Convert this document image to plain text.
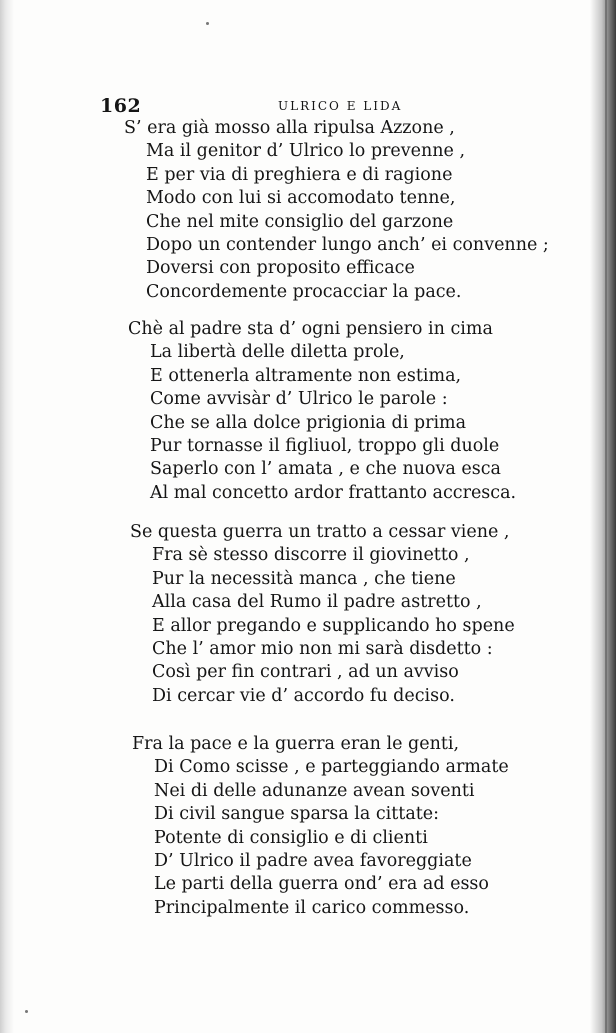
162	ULRICO E LIDA
S’ era già mosso alla ripulsa Azzone ,
Ma il genitor d’ Ulrico lo prevenne ,
E per via di preghiera e di ragione
Modo con lui si accomodato tenne,
Che nel mite consiglio del garzone
Dopo un contender lungo anch’ ei convenne ;
Doversi con proposito efficace
Concordemente procacciar la pace.
Chè al padre sta d’ ogni pensiero in cima
La libertà delle diletta prole,
E ottenerla altramente non estima,
Come avvisàr d’ Ulrico le parole :
Che se alla dolce prigionia di prima
Pur tornasse il figliuol, troppo gli duole
Saperlo con l’ amata , e che nuova esca
Al mal concetto ardor frattanto accresca.
Se questa guerra un tratto a cessar viene ,
Fra sè stesso discorre il giovinetto ,
Pur la necessità manca , che tiene
Alla casa del Rumo il padre astretto ,
E allor pregando e supplicando ho spene
Che l’ amor mio non mi sarà disdetto :
Così per fin contrari , ad un avviso
Di cercar vie d’ accordo fu deciso.
Fra la pace e la guerra eran le genti,
Di Como scisse , e parteggiando armate
Nei di delle adunanze avean soventi
Di civil sangue sparsa la cittate:
Potente di consiglio e di clienti
D’ Ulrico il padre avea favoreggiate
Le parti della guerra ond’ era ad esso
Principalmente il carico commesso.
